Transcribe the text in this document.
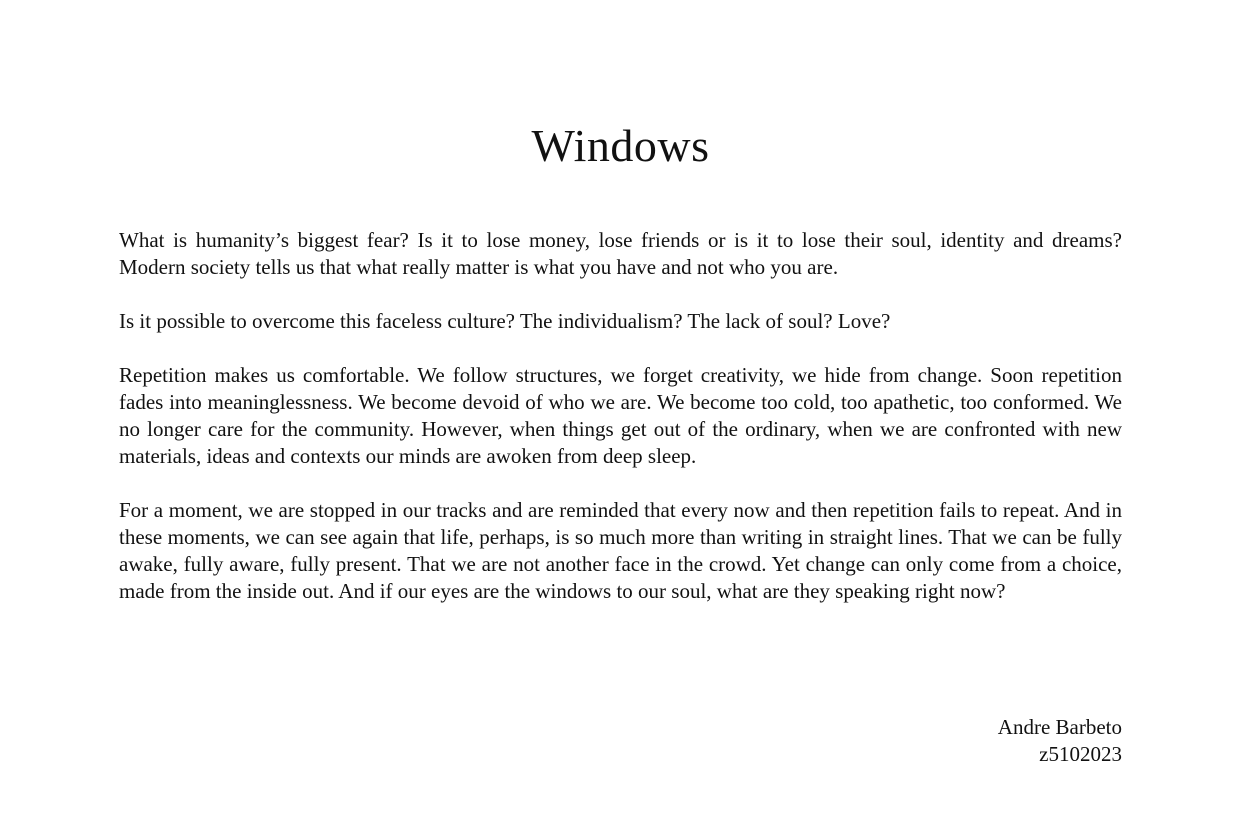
Windows

What is humanity’s biggest fear? Is it to lose money, lose friends or is it to lose their soul, identity and dreams? Modern society tells us that what really matter is what you have and not who you are.

Is it possible to overcome this faceless culture? The individualism? The lack of soul? Love?

Repetition makes us comfortable. We follow structures, we forget creativity, we hide from change. Soon repetition fades into meaninglessness. We become devoid of who we are. We become too cold, too apathetic, too conformed. We no longer care for the community. However, when things get out of the ordinary, when we are confronted with new materials, ideas and contexts our minds are awoken from deep sleep.

For a moment, we are stopped in our tracks and are reminded that every now and then repetition fails to repeat. And in these moments, we can see again that life, perhaps, is so much more than writing in straight lines. That we can be fully awake, fully aware, fully present. That we are not another face in the crowd. Yet change can only come from a choice, made from the inside out. And if our eyes are the windows to our soul, what are they speaking right now?

Andre Barbeto
z5102023
